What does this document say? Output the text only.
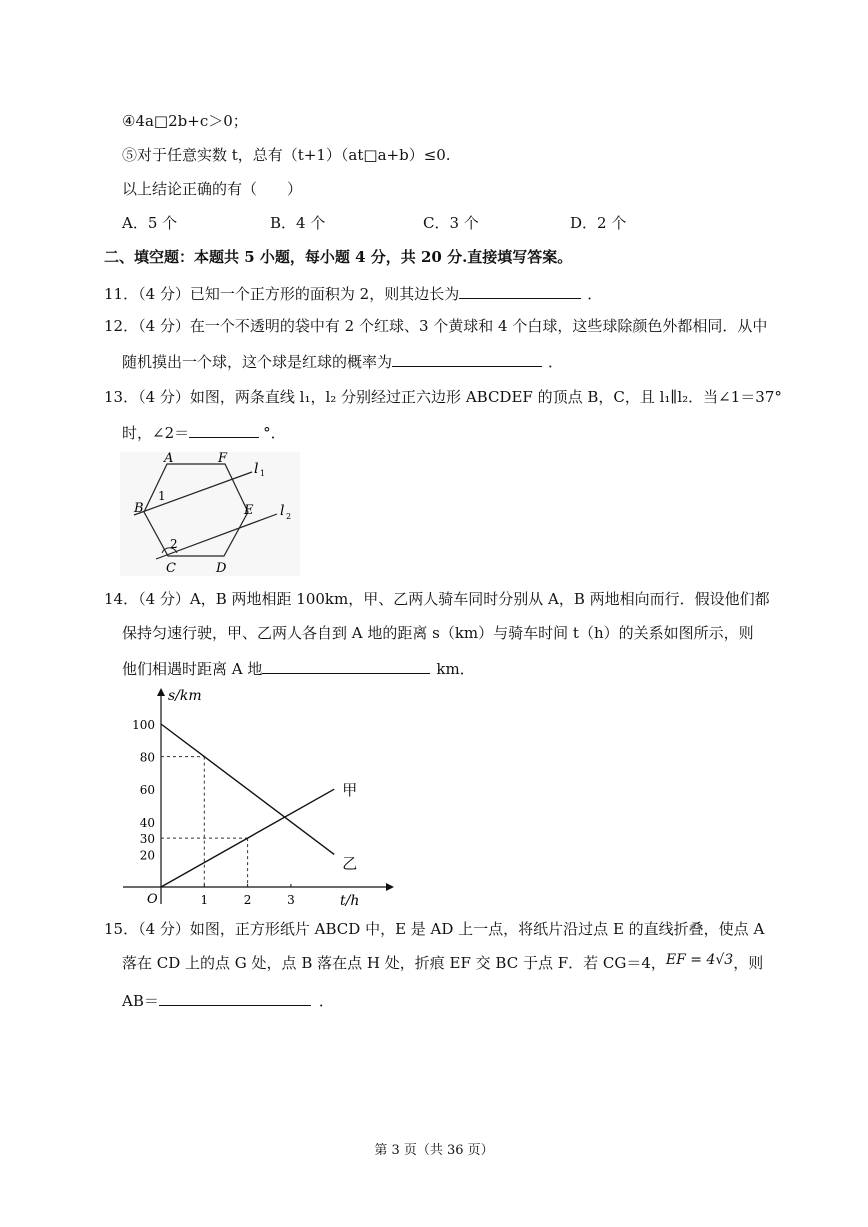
④4a□2b+c＞0；
⑤对于任意实数 t，总有（t+1）（at□a+b）≤0.
以上结论正确的有（　　）
A．5 个	B．4 个	C．3 个	D．2 个
二、填空题：本题共 5 小题，每小题 4 分，共 20 分.直接填写答案。
11．（4 分）已知一个正方形的面积为 2，则其边长为	．
12．（4 分）在一个不透明的袋中有 2 个红球、3 个黄球和 4 个白球，这些球除颜色外都相同．从中
随机摸出一个球，这个球是红球的概率为	．
13．（4 分）如图，两条直线 l₁，l₂ 分别经过正六边形 ABCDEF 的顶点 B，C，且 l₁∥l₂．当∠1＝37°
时，∠2＝	°．
A	F
E
D
C
B
1
2
l 1
l 2
14．（4 分）A，B 两地相距 100km，甲、乙两人骑车同时分别从 A，B 两地相向而行．假设他们都
保持匀速行驶，甲、乙两人各自到 A 地的距离 s（km）与骑车时间 t（h）的关系如图所示，则
他们相遇时距离 A 地	km．
s/km
t/h
O
20
30
40
60
80
100
1	2	3
甲
乙
15．（4 分）如图，正方形纸片 ABCD 中，E 是 AD 上一点，将纸片沿过点 E 的直线折叠，使点 A
落在 CD 上的点 G 处，点 B 落在点 H 处，折痕 EF 交 BC 于点 F．若 CG＝4，EF = 4√3，则
AB＝	．
第 3 页（共 36 页）
